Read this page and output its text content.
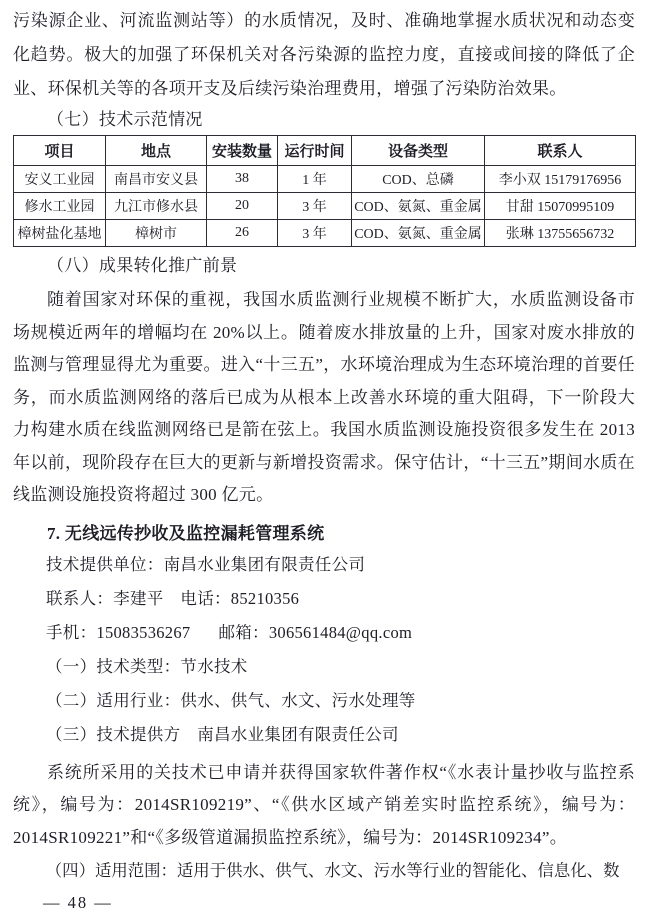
污染源企业、河流监测站等）的水质情况，及时、准确地掌握水质状况和动态变化趋势。极大的加强了环保机关对各污染源的监控力度，直接或间接的降低了企业、环保机关等的各项开支及后续污染治理费用，增强了污染防治效果。

（七）技术示范情况
项目	地点	安装数量	运行时间	设备类型	联系人
安义工业园	南昌市安义县	38	1 年	COD、总磷	李小双 15179176956
修水工业园	九江市修水县	20	3 年	COD、氨氮、重金属	甘甜 15070995109
樟树盐化基地	樟树市	26	3 年	COD、氨氮、重金属	张琳 13755656732
（八）成果转化推广前景

随着国家对环保的重视，我国水质监测行业规模不断扩大，水质监测设备市场规模近两年的增幅均在 20%以上。随着废水排放量的上升，国家对废水排放的监测与管理显得尤为重要。进入“十三五”，水环境治理成为生态环境治理的首要任务，而水质监测网络的落后已成为从根本上改善水环境的重大阻碍，下一阶段大力构建水质在线监测网络已是箭在弦上。我国水质监测设施投资很多发生在 2013 年以前，现阶段存在巨大的更新与新增投资需求。保守估计，“十三五”期间水质在线监测设施投资将超过 300 亿元。

7. 无线远传抄收及监控漏耗管理系统
技术提供单位：南昌水业集团有限责任公司
联系人：李建平　电话：85210356
手机：15083536267 邮箱：306561484@qq.com
（一）技术类型：节水技术
（二）适用行业：供水、供气、水文、污水处理等
（三）技术提供方　南昌水业集团有限责任公司

系统所采用的关技术已申请并获得国家软件著作权“《水表计量抄收与监控系统》，编号为：2014SR109219”、“《供水区域产销差实时监控系统》，编号为：2014SR109221”和“《多级管道漏损监控系统》，编号为：2014SR109234”。

（四）适用范围：适用于供水、供气、水文、污水等行业的智能化、信息化、数

— 48 —
